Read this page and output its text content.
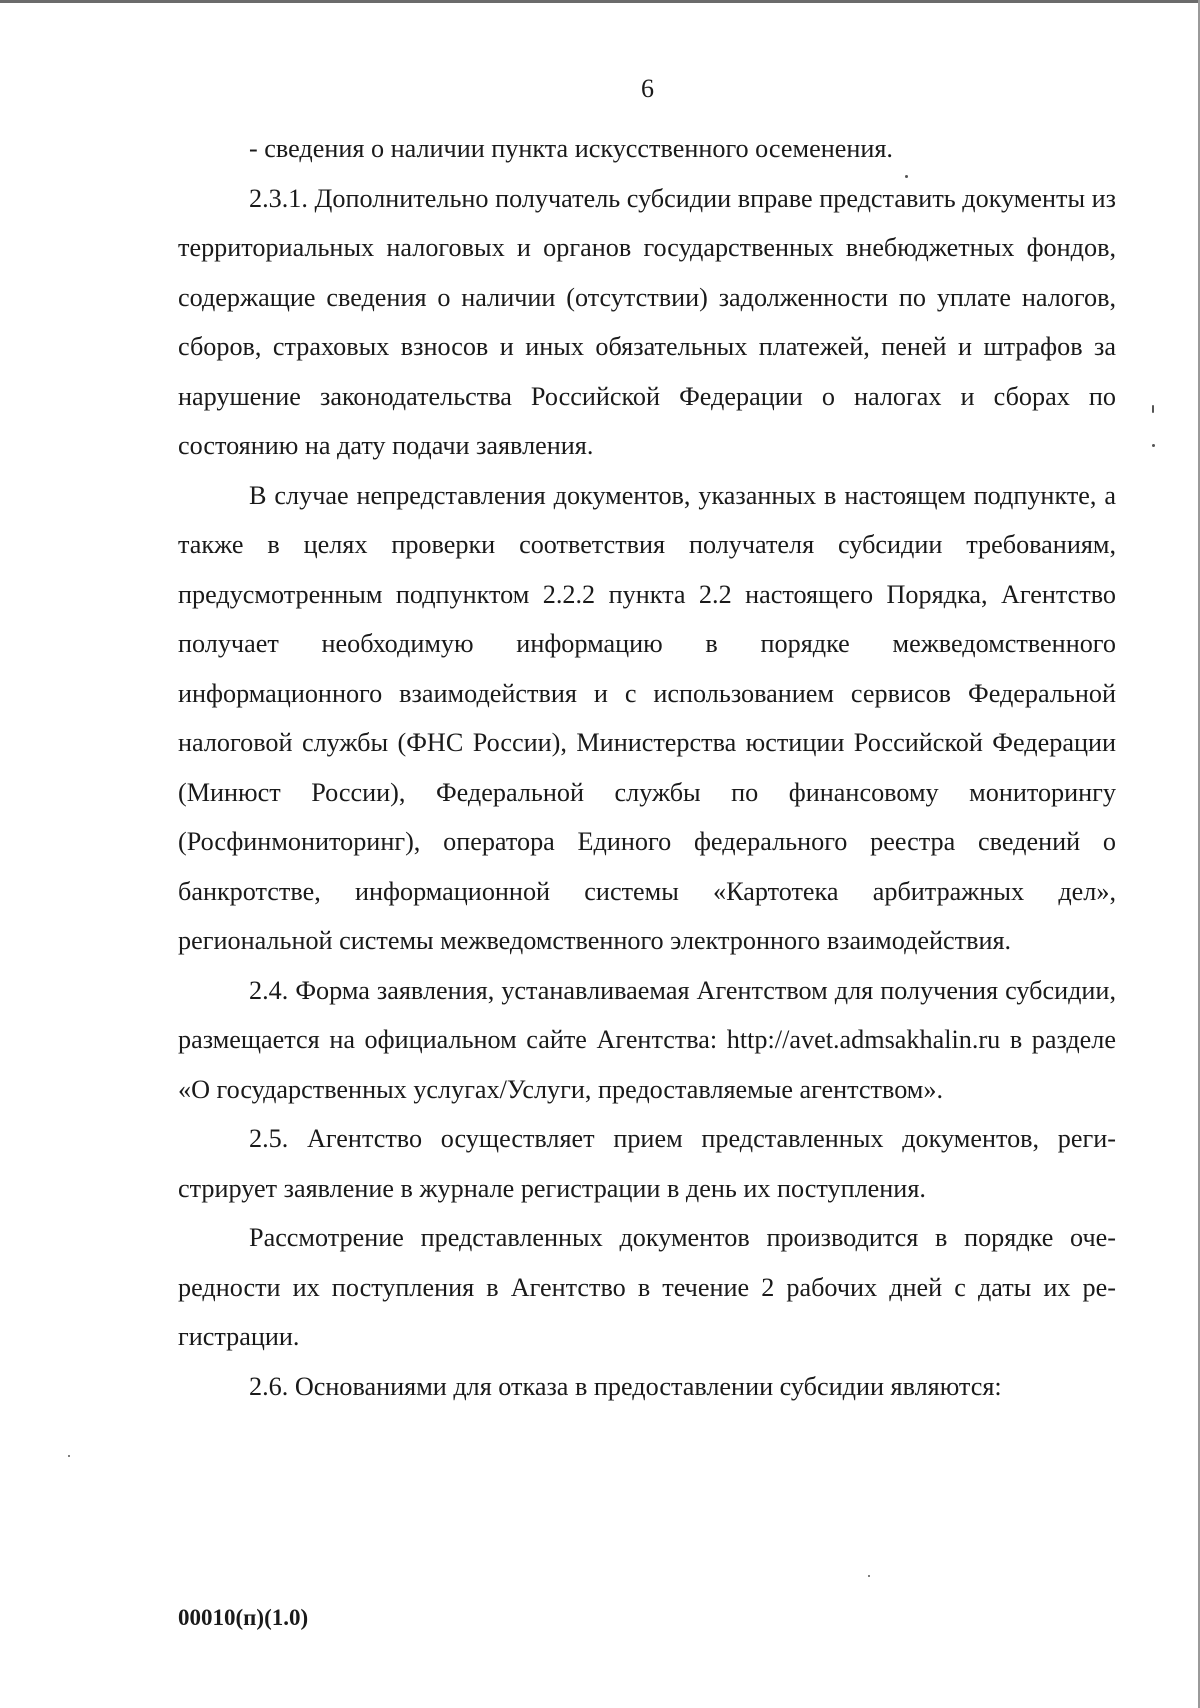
6

- сведения о наличии пункта искусственного осеменения.

2.3.1. Дополнительно получатель субсидии вправе представить документы из территориальных налоговых и органов государственных внебюджетных фондов, содержащие сведения о наличии (отсутствии) задолженности по уплате налогов, сборов, страховых взносов и иных обязательных платежей, пеней и штрафов за нарушение законодательства Российской Федерации о налогах и сборах по состоянию на дату подачи заявления.

В случае непредставления документов, указанных в настоящем подпункте, а также в целях проверки соответствия получателя субсидии требованиям, предусмотренным подпунктом 2.2.2 пункта 2.2 настоящего Порядка, Агентство получает необходимую информацию в порядке межведомственного информационного взаимодействия и с использованием сервисов Федеральной налоговой службы (ФНС России), Министерства юстиции Российской Федерации (Минюст России), Федеральной службы по финансовому мониторингу (Росфинмониторинг), оператора Единого федерального реестра сведений о банкротстве, информационной системы «Картотека арбитражных дел», региональной системы межведомственного электронного взаимодействия.

2.4. Форма заявления, устанавливаемая Агентством для получения субсидии, размещается на официальном сайте Агентства: http://avet.admsakhalin.ru в разделе «О государственных услугах/Услуги, предоставляемые агентством».

2.5. Агентство осуществляет прием представленных документов, регистрирует заявление в журнале регистрации в день их поступления.

Рассмотрение представленных документов производится в порядке очередности их поступления в Агентство в течение 2 рабочих дней с даты их регистрации.

2.6. Основаниями для отказа в предоставлении субсидии являются:

00010(п)(1.0)
